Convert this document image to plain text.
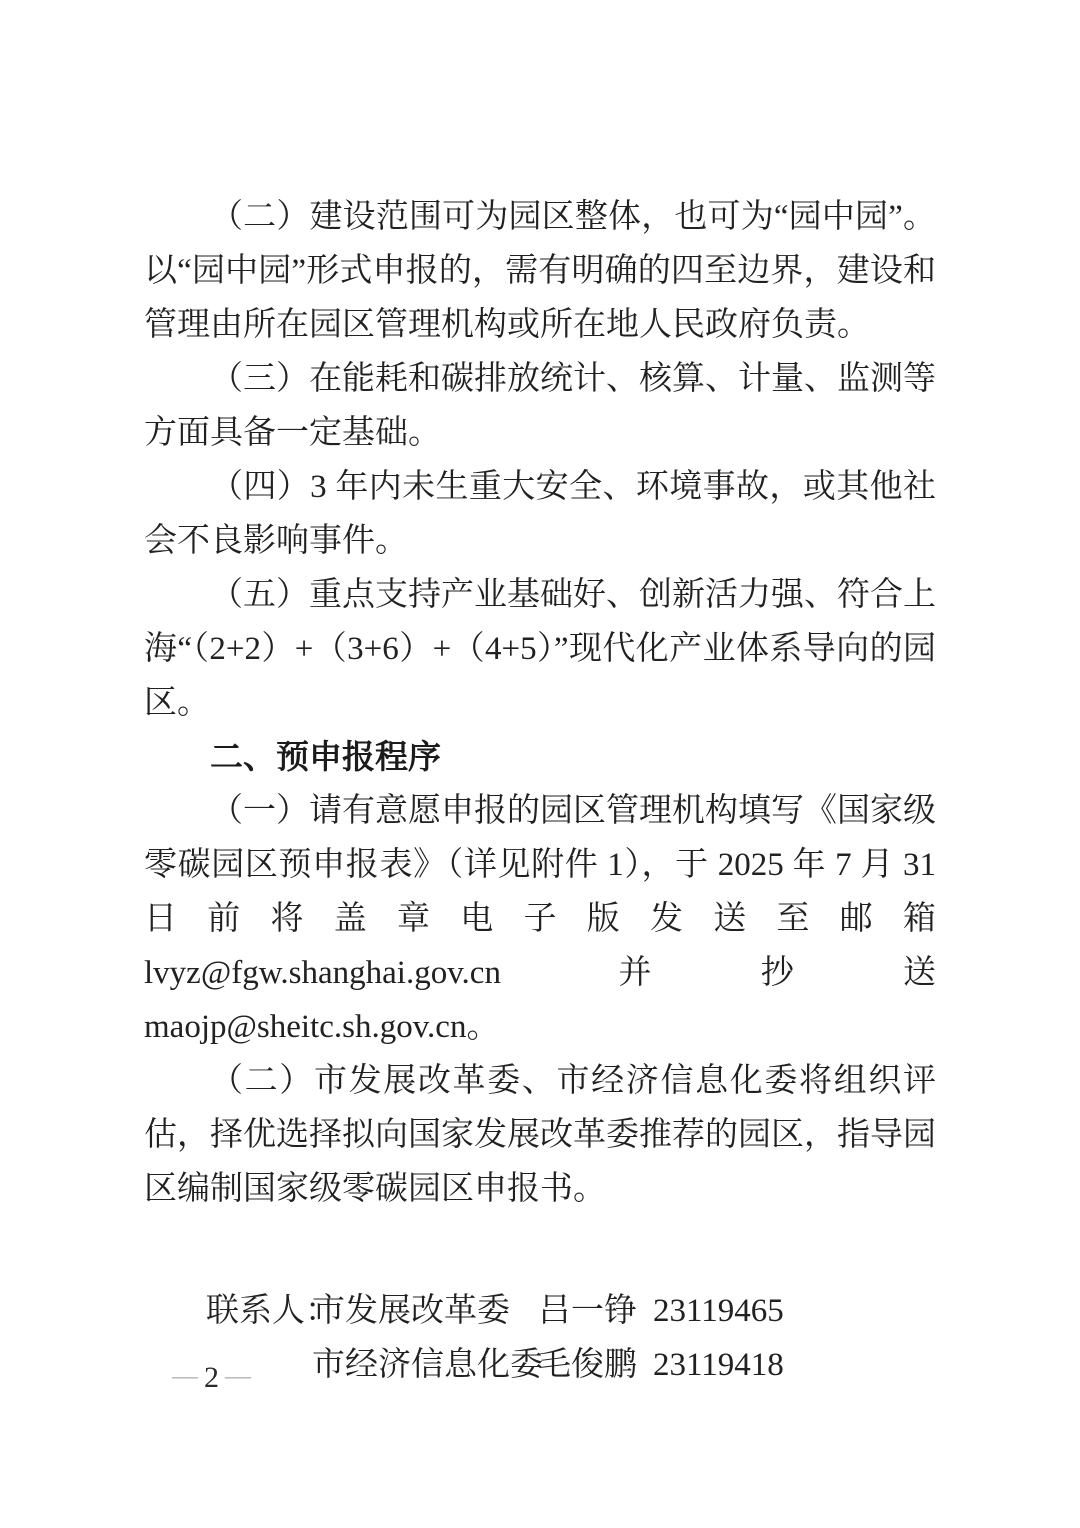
（二）建设范围可为园区整体，也可为“园中园”。以“园中园”形式申报的，需有明确的四至边界，建设和管理由所在园区管理机构或所在地人民政府负责。

（三）在能耗和碳排放统计、核算、计量、监测等方面具备一定基础。

（四）3 年内未生重大安全、环境事故，或其他社会不良影响事件。

（五）重点支持产业基础好、创新活力强、符合上海“（2+2）+（3+6）+（4+5）”现代化产业体系导向的园区。

二、预申报程序

（一）请有意愿申报的园区管理机构填写《国家级零碳园区预申报表》（详见附件 1），于 2025 年 7 月 31 日前将盖章电子版发送至邮箱 lvyz@fgw.shanghai.gov.cn 并抄送 maojp@sheitc.sh.gov.cn。

（二）市发展改革委、市经济信息化委将组织评估，择优选择拟向国家发展改革委推荐的园区，指导园区编制国家级零碳园区申报书。

联系人：
市发展改革委 吕一铮 23119465
市经济信息化委
毛俊鹏 23119418
— 2 —
